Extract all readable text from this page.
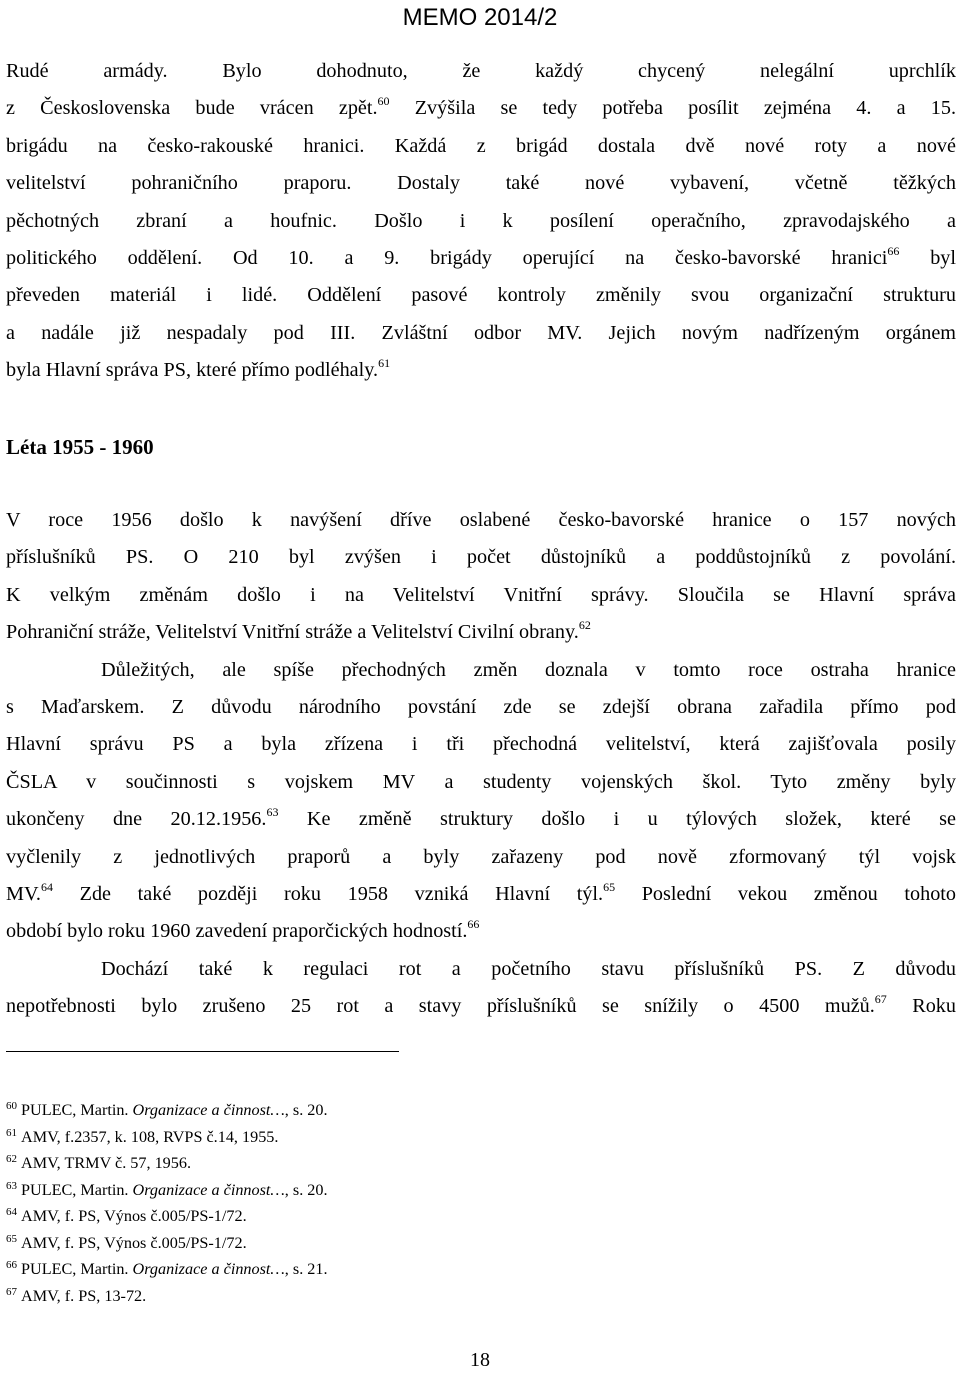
MEMO 2014/2
Rudé armády. Bylo dohodnuto, že každý chycený nelegální uprchlík
z Československa bude vrácen zpět.$^{60}$ Zvýšila se tedy potřeba posílit zejména 4. a 15.
brigádu na česko-rakouské hranici. Každá z brigád dostala dvě nové roty a nové
velitelství pohraničního praporu. Dostaly také nové vybavení, včetně těžkých
pěchotných zbraní a houfnic. Došlo i k posílení operačního, zpravodajského a
politického oddělení. Od 10. a 9. brigády operující na česko-bavorské hranici$^{66}$ byl
převeden materiál i lidé. Oddělení pasové kontroly změnily svou organizační strukturu
a nadále již nespadaly pod III. Zvláštní odbor MV. Jejich novým nadřízeným orgánem
byla Hlavní správa PS, které přímo podléhaly.$^{61}$
Léta 1955 - 1960
V roce 1956 došlo k navýšení dříve oslabené česko-bavorské hranice o 157 nových
příslušníků PS. O 210 byl zvýšen i počet důstojníků a poddůstojníků z povolání.
K velkým změnám došlo i na Velitelství Vnitřní správy. Sloučila se Hlavní správa
Pohraniční stráže, Velitelství Vnitřní stráže a Velitelství Civilní obrany.$^{62}$
Důležitých, ale spíše přechodných změn doznala v tomto roce ostraha hranice
s Maďarskem. Z důvodu národního povstání zde se zdejší obrana zařadila přímo pod
Hlavní správu PS a byla zřízena i tři přechodná velitelství, která zajišťovala posily
ČSLA v součinnosti s vojskem MV a studenty vojenských škol. Tyto změny byly
ukončeny dne 20.12.1956.63 Ke změně struktury došlo i u týlových složek, které se
vyčlenily z jednotlivých praporů a byly zařazeny pod nově zformovaný týl vojsk
MV.$^{64}$ Zde také později roku 1958 vzniká Hlavní týl.$^{65}$ Poslední vekou změnou tohoto
období bylo roku 1960 zavedení praporčických hodností.$^{66}$
Dochází také k regulaci rot a početního stavu příslušníků PS. Z důvodu
nepotřebnosti bylo zrušeno 25 rot a stavy příslušníků se snížily o 4500 mužů.$^{67}$ Roku
$^{60}$ PULEC, Martin. Organizace a činnost…, s. 20.
$^{61}$ AMV, f.2357, k. 108, RVPS č.14, 1955.
$^{62}$ AMV, TRMV č. 57, 1956.
$^{63}$ PULEC, Martin. Organizace a činnost…, s. 20.
$^{64}$ AMV, f. PS, Výnos č.005/PS-1/72.
$^{65}$ AMV, f. PS, Výnos č.005/PS-1/72.
$^{66}$ PULEC, Martin. Organizace a činnost…, s. 21.
$^{67}$ AMV, f. PS, 13-72.
18
